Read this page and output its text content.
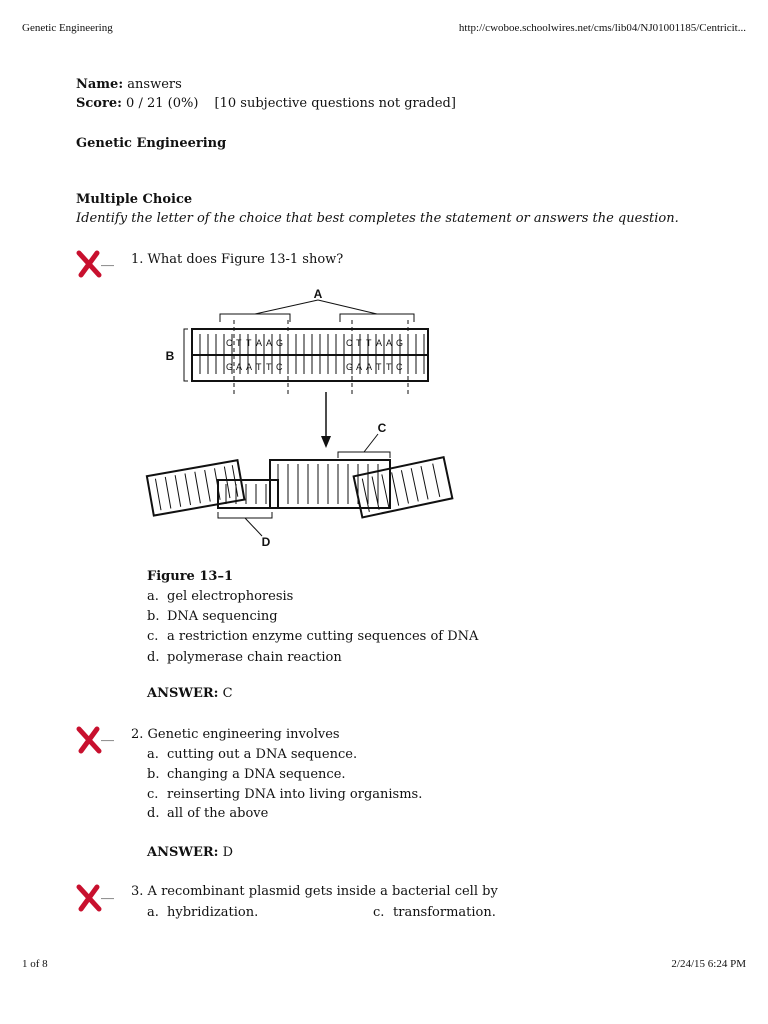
Genetic Engineering	http://cwoboe.schoolwires.net/cms/lib04/NJ01001185/Centricit...
Name: answers
Score: 0 / 21 (0%) [10 subjective questions not graded]
Genetic Engineering
Multiple Choice
Identify the letter of the choice that best completes the statement or answers the question.
__ 1. What does Figure 13-1 show?
C T T A A G
G A A T T C
C T T A A G
G A A T T C
A
B
C
D
Figure 13–1
a. gel electrophoresis
b. DNA sequencing
c. a restriction enzyme cutting sequences of DNA
d. polymerase chain reaction
ANSWER: C
__ 2. Genetic engineering involves
a. cutting out a DNA sequence.
b. changing a DNA sequence.
c. reinserting DNA into living organisms.
d. all of the above
ANSWER: D
__ 3. A recombinant plasmid gets inside a bacterial cell by
a. hybridization.	c. transformation.
1 of 8	2/24/15 6:24 PM
